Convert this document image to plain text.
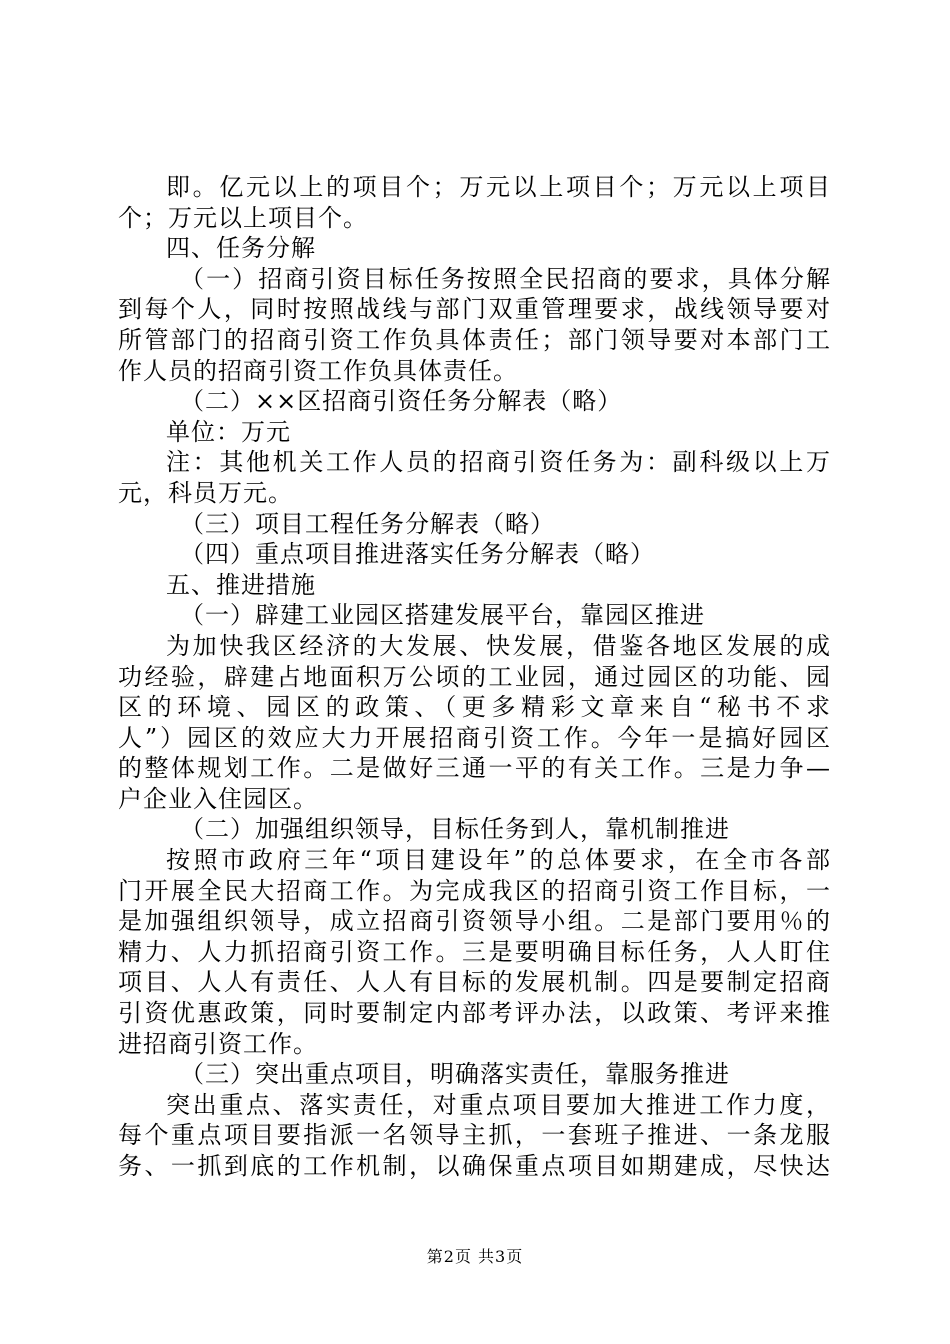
即。亿元以上的项目个；万元以上项目个；万元以上项目
个；万元以上项目个。
四、任务分解
（一）招商引资目标任务按照全民招商的要求，具体分解
到每个人，同时按照战线与部门双重管理要求，战线领导要对
所管部门的招商引资工作负具体责任；部门领导要对本部门工
作人员的招商引资工作负具体责任。
（二）××区招商引资任务分解表（略）
单位：万元
注：其他机关工作人员的招商引资任务为：副科级以上万
元，科员万元。
（三）项目工程任务分解表（略）
（四）重点项目推进落实任务分解表（略）
五、推进措施
（一）辟建工业园区搭建发展平台，靠园区推进
为加快我区经济的大发展、快发展，借鉴各地区发展的成
功经验，辟建占地面积万公顷的工业园，通过园区的功能、园
区的环境、园区的政策、（更多精彩文章来自“秘书不求
人”）园区的效应大力开展招商引资工作。今年一是搞好园区
的整体规划工作。二是做好三通一平的有关工作。三是力争—
户企业入住园区。
（二）加强组织领导，目标任务到人，靠机制推进
按照市政府三年“项目建设年”的总体要求，在全市各部
门开展全民大招商工作。为完成我区的招商引资工作目标，一
是加强组织领导，成立招商引资领导小组。二是部门要用％的
精力、人力抓招商引资工作。三是要明确目标任务，人人盯住
项目、人人有责任、人人有目标的发展机制。四是要制定招商
引资优惠政策，同时要制定内部考评办法，以政策、考评来推
进招商引资工作。
（三）突出重点项目，明确落实责任，靠服务推进
突出重点、落实责任，对重点项目要加大推进工作力度，
每个重点项目要指派一名领导主抓，一套班子推进、一条龙服
务、一抓到底的工作机制，以确保重点项目如期建成，尽快达
第2页 共3页
